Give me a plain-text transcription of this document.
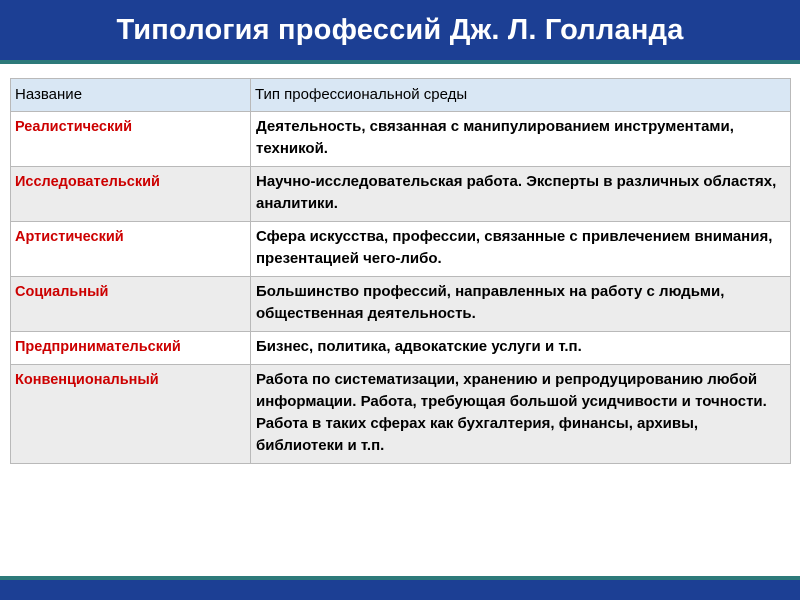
Типология профессий Дж. Л. Голланда
Название	Тип профессиональной среды
Реалистический	Деятельность, связанная с манипулированием инструментами, техникой.
Исследовательский	Научно-исследовательская работа. Эксперты в различных областях, аналитики.
Артистический	Сфера искусства, профессии, связанные с привлечением внимания, презентацией чего-либо.
Социальный	Большинство профессий, направленных на работу с людьми, общественная деятельность.
Предпринимательский	Бизнес, политика, адвокатские услуги и т.п.
Конвенциональный	Работа по систематизации, хранению и репродуцированию любой информации. Работа, требующая большой усидчивости и точности. Работа в таких сферах как бухгалтерия, финансы, архивы, библиотеки и т.п.
